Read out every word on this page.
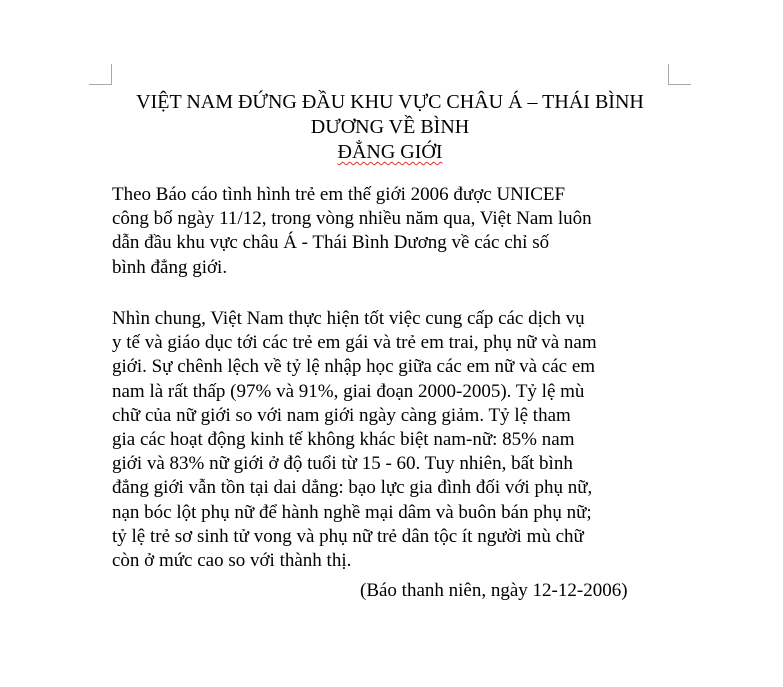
VIỆT NAM ĐỨNG ĐẦU KHU VỰC CHÂU Á – THÁI BÌNH
DƯƠNG VỀ BÌNH
ĐẲNG GIỚI
Theo Báo cáo tình hình trẻ em thế giới 2006 được UNICEF
công bố ngày 11/12, trong vòng nhiều năm qua, Việt Nam luôn
dẫn đầu khu vực châu Á - Thái Bình Dương về các chỉ số
bình đẳng giới.
Nhìn chung, Việt Nam thực hiện tốt việc cung cấp các dịch vụ
y tế và giáo dục tới các trẻ em gái và trẻ em trai, phụ nữ và nam
giới. Sự chênh lệch về tỷ lệ nhập học giữa các em nữ và các em
nam là rất thấp (97% và 91%, giai đoạn 2000-2005). Tỷ lệ mù
chữ của nữ giới so với nam giới ngày càng giảm. Tỷ lệ tham
gia các hoạt động kinh tế không khác biệt nam-nữ: 85% nam
giới và 83% nữ giới ở độ tuổi từ 15 - 60. Tuy nhiên, bất bình
đẳng giới vẫn tồn tại dai dẳng: bạo lực gia đình đối với phụ nữ,
nạn bóc lột phụ nữ để hành nghề mại dâm và buôn bán phụ nữ;
tỷ lệ trẻ sơ sinh tử vong và phụ nữ trẻ dân tộc ít người mù chữ
còn ở mức cao so với thành thị.
(Báo thanh niên, ngày 12-12-2006)
